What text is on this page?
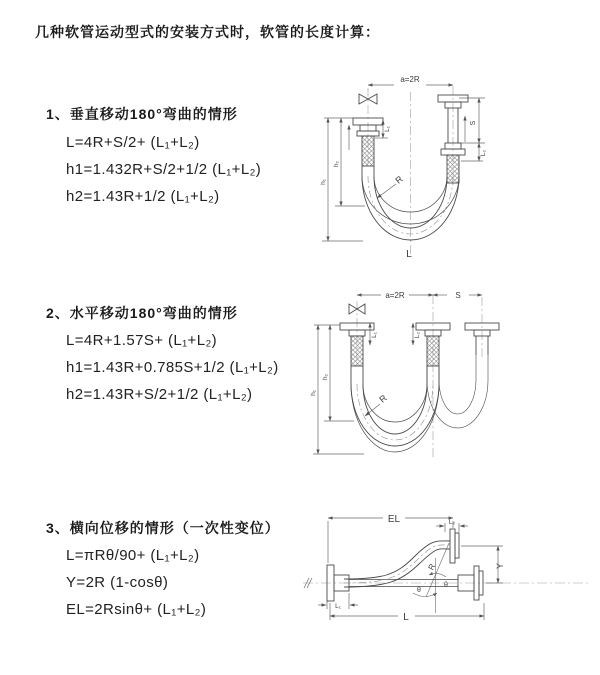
几种软管运动型式的安装方式时，软管的长度计算：
1、垂直移动180°弯曲的情形
L=4R+S/2+ (L₁+L₂)
h1=1.432R+S/2+1/2 (L₁+L₂)
h2=1.43R+1/2 (L₁+L₂)
a=2R
S
L₂
L₁
h₁
h₂
R
L
2、水平移动180°弯曲的情形
L=4R+1.57S+ (L₁+L₂)
h1=1.43R+0.785S+1/2 (L₁+L₂)
h2=1.43R+S/2+1/2 (L₁+L₂)
a=2R	S
L₁	L₂
h₁
h₂
R
3、横向位移的情形（一次性变位）
L=πRθ/90+ (L₁+L₂)
Y=2R (1-cosθ)
EL=2Rsinθ+ (L₁+L₂)
EL	L₂
Y
L
L₁
R
θ
θ
